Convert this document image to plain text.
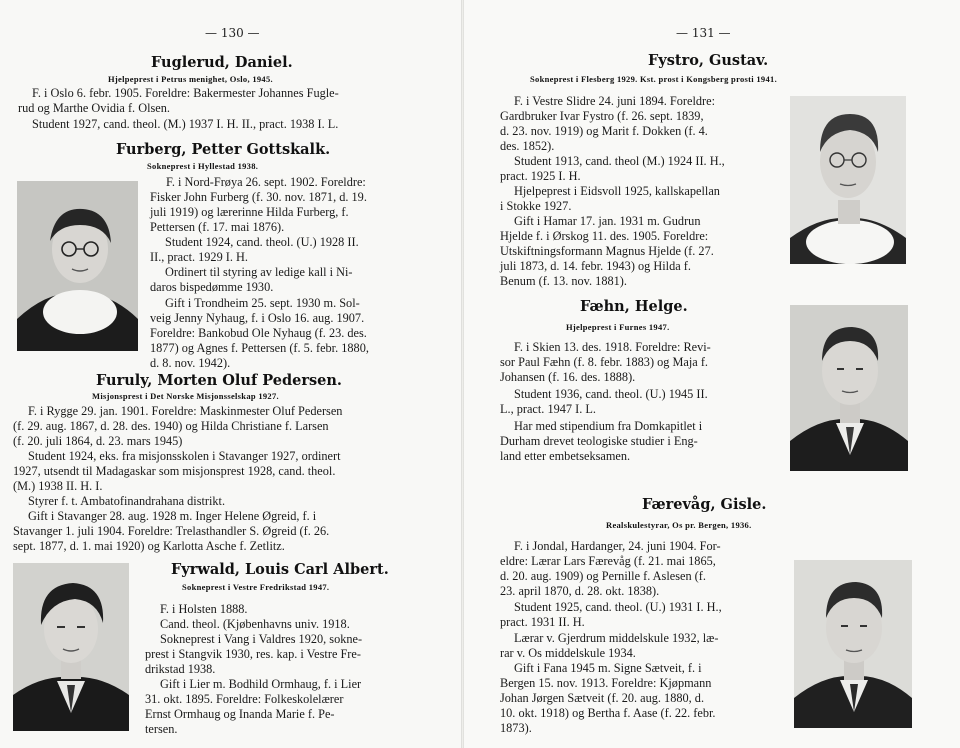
— 130 —
Fuglerud, Daniel.
Hjelpeprest i Petrus menighet, Oslo, 1945.
F. i Oslo 6. febr. 1905. Foreldre: Bakermester Johannes Fugle-
rud og Marthe Ovidia f. Olsen.
Student 1927, cand. theol. (M.) 1937 I. H. II., pract. 1938 I. L.
Furberg, Petter Gottskalk.
Sokneprest i Hyllestad 1938.
F. i Nord-Frøya 26. sept. 1902. Foreldre:
Fisker John Furberg (f. 30. nov. 1871, d. 19.
juli 1919) og lærerinne Hilda Furberg, f.
Pettersen (f. 17. mai 1876).
Student 1924, cand. theol. (U.) 1928 II.
II., pract. 1929 I. H.
Ordinert til styring av ledige kall i Ni-
daros bispedømme 1930.
Gift i Trondheim 25. sept. 1930 m. Sol-
veig Jenny Nyhaug, f. i Oslo 16. aug. 1907.
Foreldre: Bankobud Ole Nyhaug (f. 23. des.
1877) og Agnes f. Pettersen (f. 5. febr. 1880,
d. 8. nov. 1942).
Furuly, Morten Oluf Pedersen.
Misjonsprest i Det Norske Misjonsselskap 1927.
F. i Rygge 29. jan. 1901. Foreldre: Maskinmester Oluf Pedersen
(f. 29. aug. 1867, d. 28. des. 1940) og Hilda Christiane f. Larsen
(f. 20. juli 1864, d. 23. mars 1945)
Student 1924, eks. fra misjonsskolen i Stavanger 1927, ordinert
1927, utsendt til Madagaskar som misjonsprest 1928, cand. theol.
(M.) 1938 II. H. I.
Styrer f. t. Ambatofinandrahana distrikt.
Gift i Stavanger 28. aug. 1928 m. Inger Helene Øgreid, f. i
Stavanger 1. juli 1904. Foreldre: Trelasthandler S. Øgreid (f. 26.
sept. 1877, d. 1. mai 1920) og Karlotta Asche f. Zetlitz.
Fyrwald, Louis Carl Albert.
Sokneprest i Vestre Fredrikstad 1947.
F. i Holsten 1888.
Cand. theol. (Kjøbenhavns univ. 1918.
Sokneprest i Vang i Valdres 1920, sokne-
prest i Stangvik 1930, res. kap. i Vestre Fre-
drikstad 1938.
Gift i Lier m. Bodhild Ormhaug, f. i Lier
31. okt. 1895. Foreldre: Folkeskolelærer
Ernst Ormhaug og Inanda Marie f. Pe-
tersen.
— 131 —
Fystro, Gustav.
Sokneprest i Flesberg 1929. Kst. prost i Kongsberg prosti 1941.
F. i Vestre Slidre 24. juni 1894. Foreldre:
Gardbruker Ivar Fystro (f. 26. sept. 1839,
d. 23. nov. 1919) og Marit f. Dokken (f. 4.
des. 1852).
Student 1913, cand. theol (M.) 1924 II. H.,
pract. 1925 I. H.
Hjelpeprest i Eidsvoll 1925, kallskapellan
i Stokke 1927.
Gift i Hamar 17. jan. 1931 m. Gudrun
Hjelde f. i Ørskog 11. des. 1905. Foreldre:
Utskiftningsformann Magnus Hjelde (f. 27.
juli 1873, d. 14. febr. 1943) og Hilda f.
Benum (f. 13. nov. 1881).
Fæhn, Helge.
Hjelpeprest i Furnes 1947.
F. i Skien 13. des. 1918. Foreldre: Revi-
sor Paul Fæhn (f. 8. febr. 1883) og Maja f.
Johansen (f. 16. des. 1888).
Student 1936, cand. theol. (U.) 1945 II.
L., pract. 1947 I. L.
Har med stipendium fra Domkapitlet i
Durham drevet teologiske studier i Eng-
land etter embetseksamen.
Færevåg, Gisle.
Realskulestyrar, Os pr. Bergen, 1936.
F. i Jondal, Hardanger, 24. juni 1904. For-
eldre: Lærar Lars Færevåg (f. 21. mai 1865,
d. 20. aug. 1909) og Pernille f. Aslesen (f.
23. april 1870, d. 28. okt. 1838).
Student 1925, cand. theol. (U.) 1931 I. H.,
pract. 1931 II. H.
Lærar v. Gjerdrum middelskule 1932, læ-
rar v. Os middelskule 1934.
Gift i Fana 1945 m. Signe Sætveit, f. i
Bergen 15. nov. 1913. Foreldre: Kjøpmann
Johan Jørgen Sætveit (f. 20. aug. 1880, d.
10. okt. 1918) og Bertha f. Aase (f. 22. febr.
1873).
